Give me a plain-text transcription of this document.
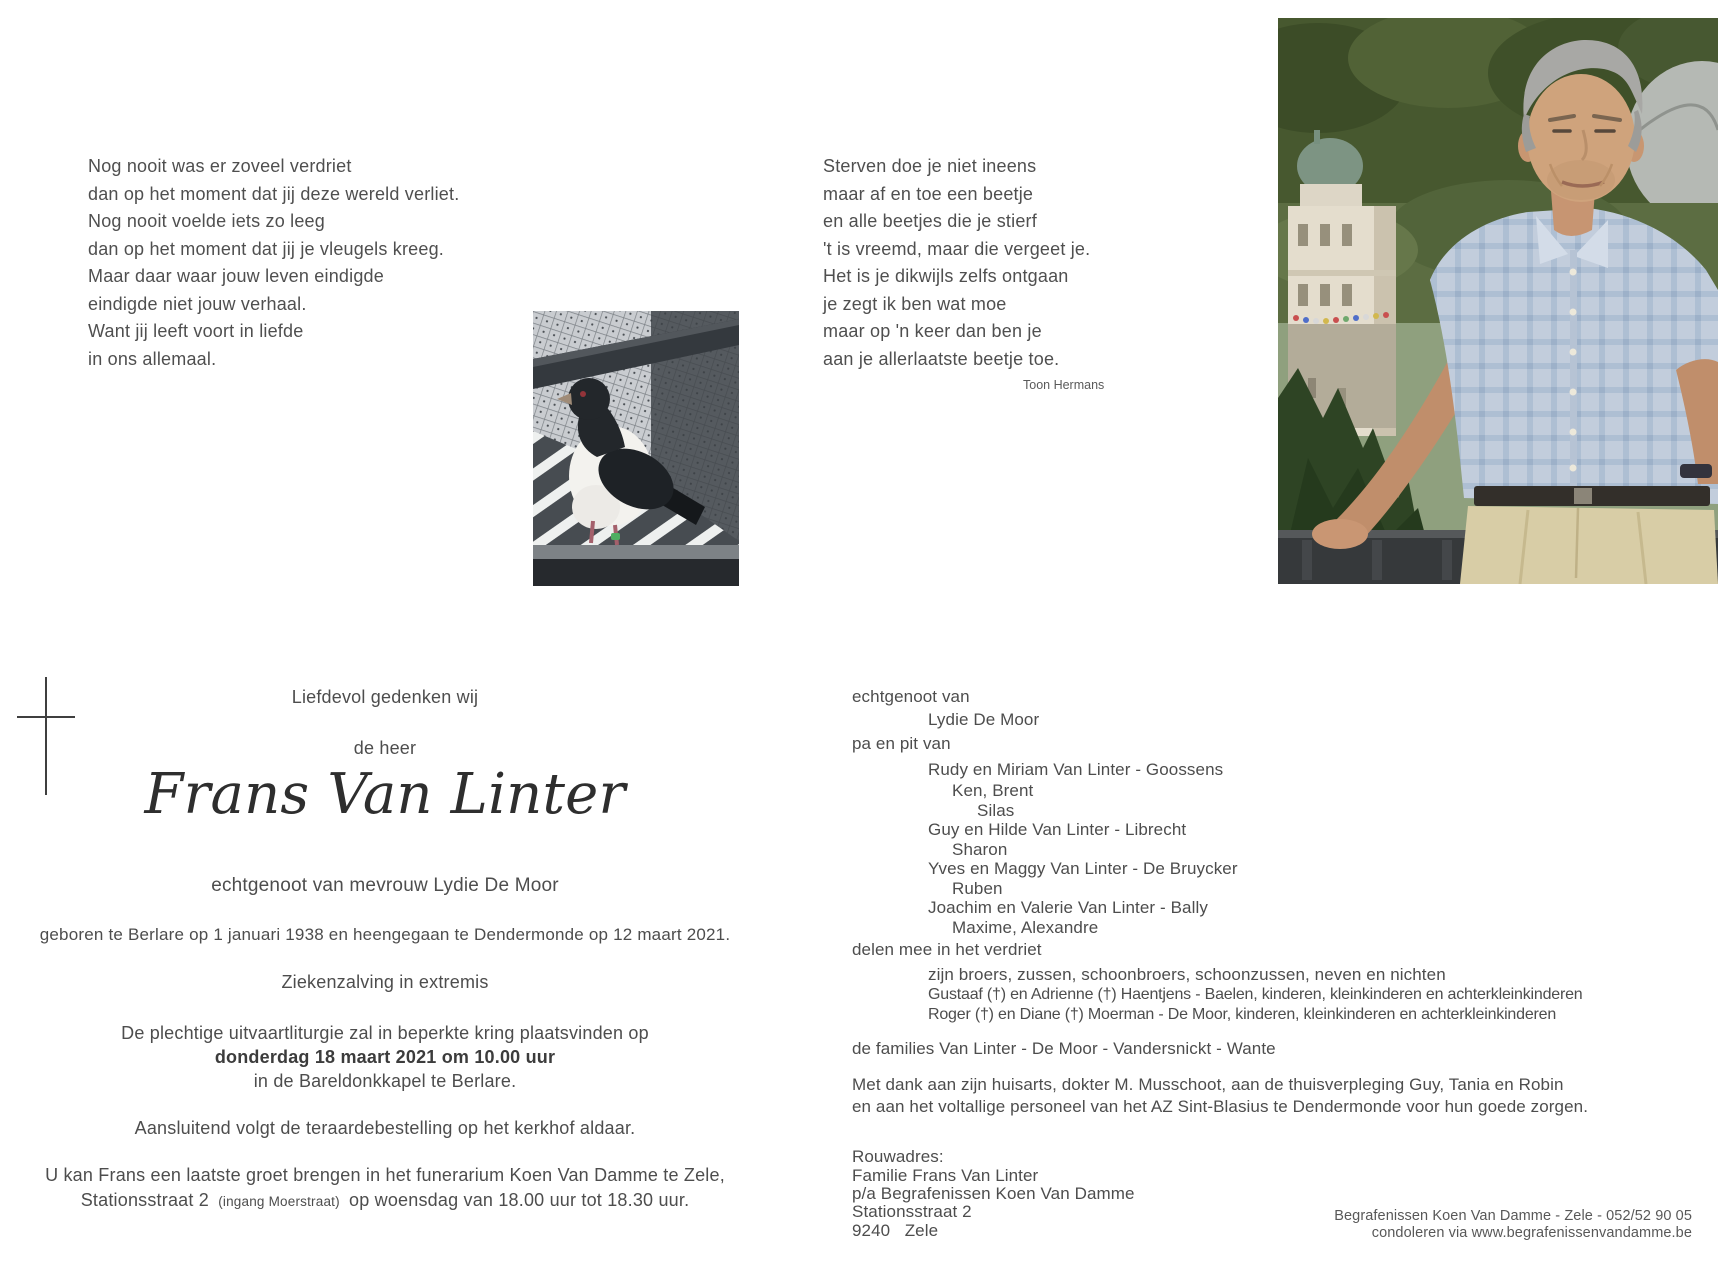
Nog nooit was er zoveel verdriet
dan op het moment dat jij deze wereld verliet.
Nog nooit voelde iets zo leeg
dan op het moment dat jij je vleugels kreeg.
Maar daar waar jouw leven eindigde
eindigde niet jouw verhaal.
Want jij leeft voort in liefde
in ons allemaal.
Sterven doe je niet ineens
maar af en toe een beetje
en alle beetjes die je stierf
't is vreemd, maar die vergeet je.
Het is je dikwijls zelfs ontgaan
je zegt ik ben wat moe
maar op 'n keer dan ben je
aan je allerlaatste beetje toe.
Toon Hermans
Liefdevol gedenken wij
de heer
Frans Van Linter
echtgenoot van mevrouw Lydie De Moor
geboren te Berlare op 1 januari 1938 en heengegaan te Dendermonde op 12 maart 2021.
Ziekenzalving in extremis
De plechtige uitvaartliturgie zal in beperkte kring plaatsvinden op
donderdag 18 maart 2021 om 10.00 uur
in de Bareldonkkapel te Berlare.
Aansluitend volgt de teraardebestelling op het kerkhof aldaar.
U kan Frans een laatste groet brengen in het funerarium Koen Van Damme te Zele,
Stationsstraat 2 (ingang Moerstraat) op woensdag van 18.00 uur tot 18.30 uur.
echtgenoot van
Lydie De Moor
pa en pit van
Rudy en Miriam Van Linter - Goossens
Ken, Brent
Silas
Guy en Hilde Van Linter - Librecht
Sharon
Yves en Maggy Van Linter - De Bruycker
Ruben
Joachim en Valerie Van Linter - Bally
Maxime, Alexandre
delen mee in het verdriet
zijn broers, zussen, schoonbroers, schoonzussen, neven en nichten
Gustaaf (†) en Adrienne (†) Haentjens - Baelen, kinderen, kleinkinderen en achterkleinkinderen
Roger (†) en Diane (†) Moerman - De Moor, kinderen, kleinkinderen en achterkleinkinderen
de families Van Linter - De Moor - Vandersnickt - Wante
Met dank aan zijn huisarts, dokter M. Musschoot, aan de thuisverpleging Guy, Tania en Robin
en aan het voltallige personeel van het AZ Sint-Blasius te Dendermonde voor hun goede zorgen.
Rouwadres:
Familie Frans Van Linter
p/a Begrafenissen Koen Van Damme
Stationsstraat 2
9240   Zele
Begrafenissen Koen Van Damme - Zele - 052/52 90 05
condoleren via www.begrafenissenvandamme.be
